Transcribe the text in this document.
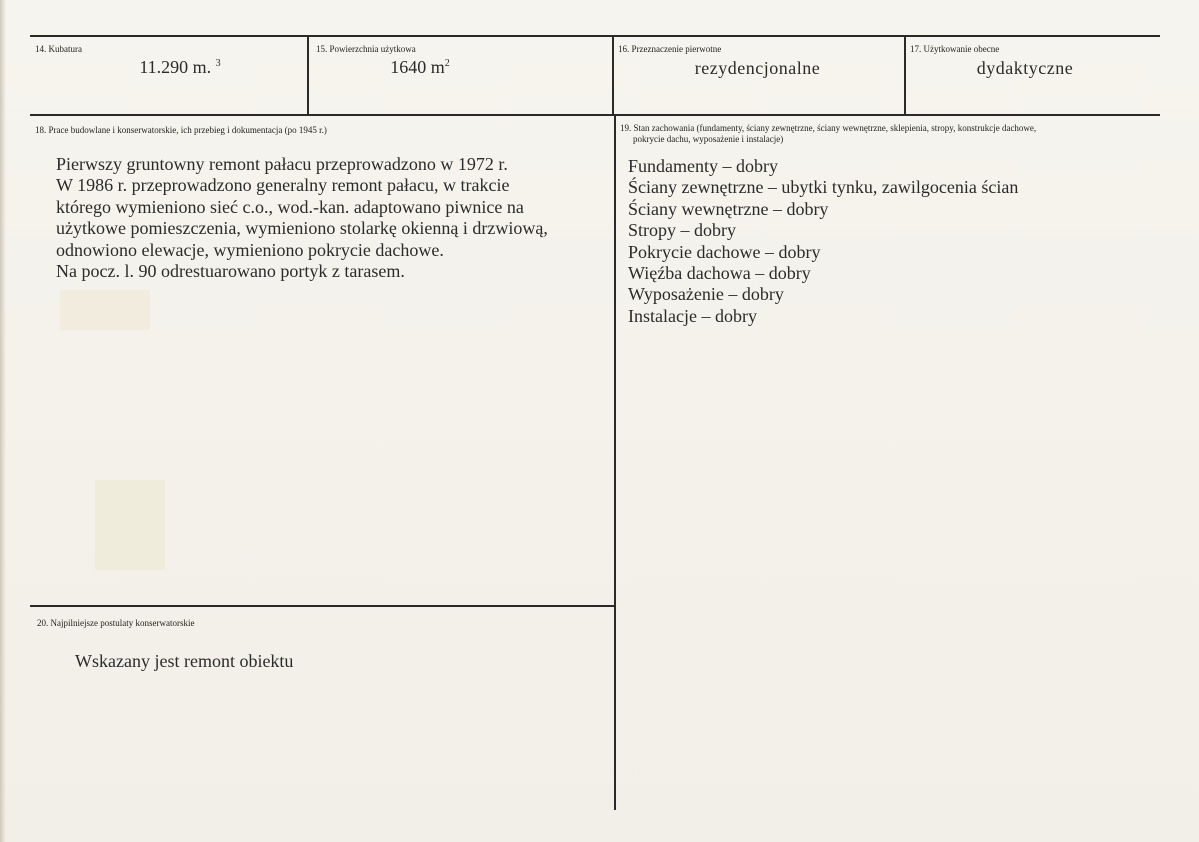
14. Kubatura
11.290 m. $^3$
15. Powierzchnia użytkowa
1640 $m^2$
16. Przeznaczenie pierwotne
rezydencjonalne
17. Użytkowanie obecne
dydaktyczne
18. Prace budowlane i konserwatorskie, ich przebieg i dokumentacja (po 1945 r.)
Pierwszy gruntowny remont pałacu przeprowadzono w 1972 r.
W 1986 r. przeprowadzono generalny remont pałacu, w trakcie
którego wymieniono sieć c.o., wod.-kan. adaptowano piwnice na
użytkowe pomieszczenia, wymieniono stolarkę okienną i drzwiową,
odnowiono elewacje, wymieniono pokrycie dachowe.
Na pocz. l. 90 odrestuarowano portyk z tarasem.
19. Stan zachowania (fundamenty, ściany zewnętrzne, ściany wewnętrzne, sklepienia, stropy, konstrukcje dachowe,
pokrycie dachu, wyposażenie i instalacje)
Fundamenty – dobry
Ściany zewnętrzne – ubytki tynku, zawilgocenia ścian
Ściany wewnętrzne – dobry
Stropy – dobry
Pokrycie dachowe – dobry
Więźba dachowa – dobry
Wyposażenie – dobry
Instalacje – dobry
20. Najpilniejsze postulaty konserwatorskie
Wskazany jest remont obiektu
